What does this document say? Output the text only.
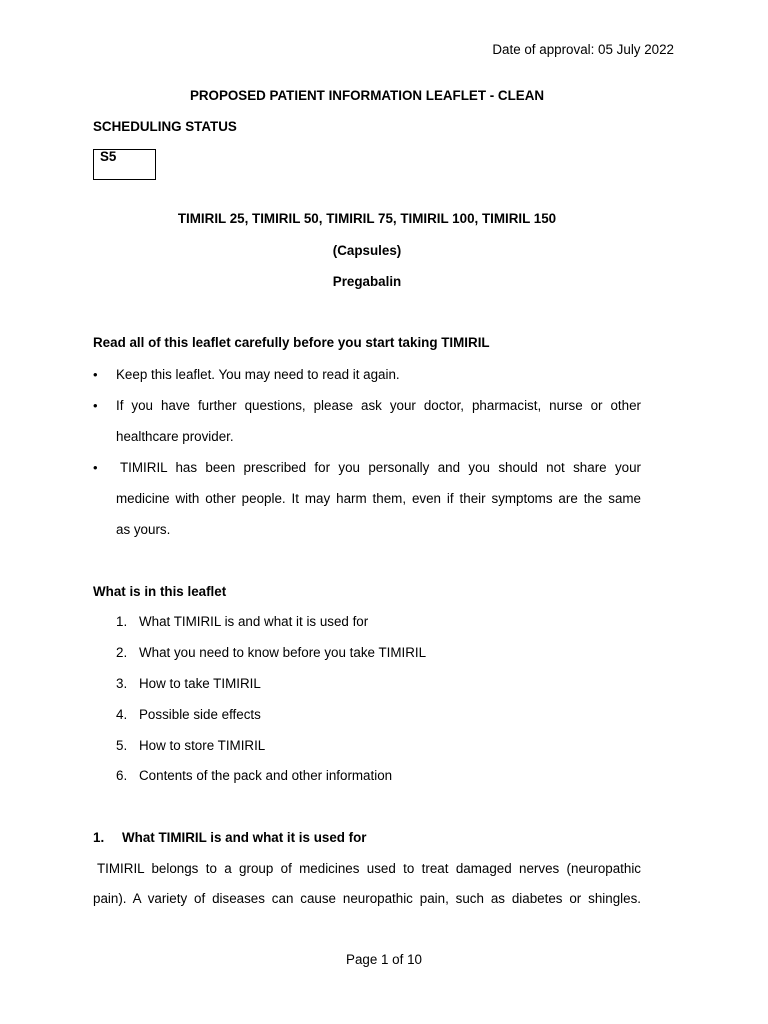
Date of approval: 05 July 2022
PROPOSED PATIENT INFORMATION LEAFLET - CLEAN
SCHEDULING STATUS
S5
TIMIRIL 25, TIMIRIL 50, TIMIRIL 75, TIMIRIL 100, TIMIRIL 150
(Capsules)
Pregabalin
Read all of this leaflet carefully before you start taking TIMIRIL
• Keep this leaflet. You may need to read it again.
• If you have further questions, please ask your doctor, pharmacist, nurse or other
healthcare provider.
• TIMIRIL has been prescribed for you personally and you should not share your
medicine with other people. It may harm them, even if their symptoms are the same
as yours.
What is in this leaflet
1. What TIMIRIL is and what it is used for
2. What you need to know before you take TIMIRIL
3. How to take TIMIRIL
4. Possible side effects
5. How to store TIMIRIL
6. Contents of the pack and other information
1. What TIMIRIL is and what it is used for
TIMIRIL belongs to a group of medicines used to treat damaged nerves (neuropathic
pain). A variety of diseases can cause neuropathic pain, such as diabetes or shingles.
Page 1 of 10
